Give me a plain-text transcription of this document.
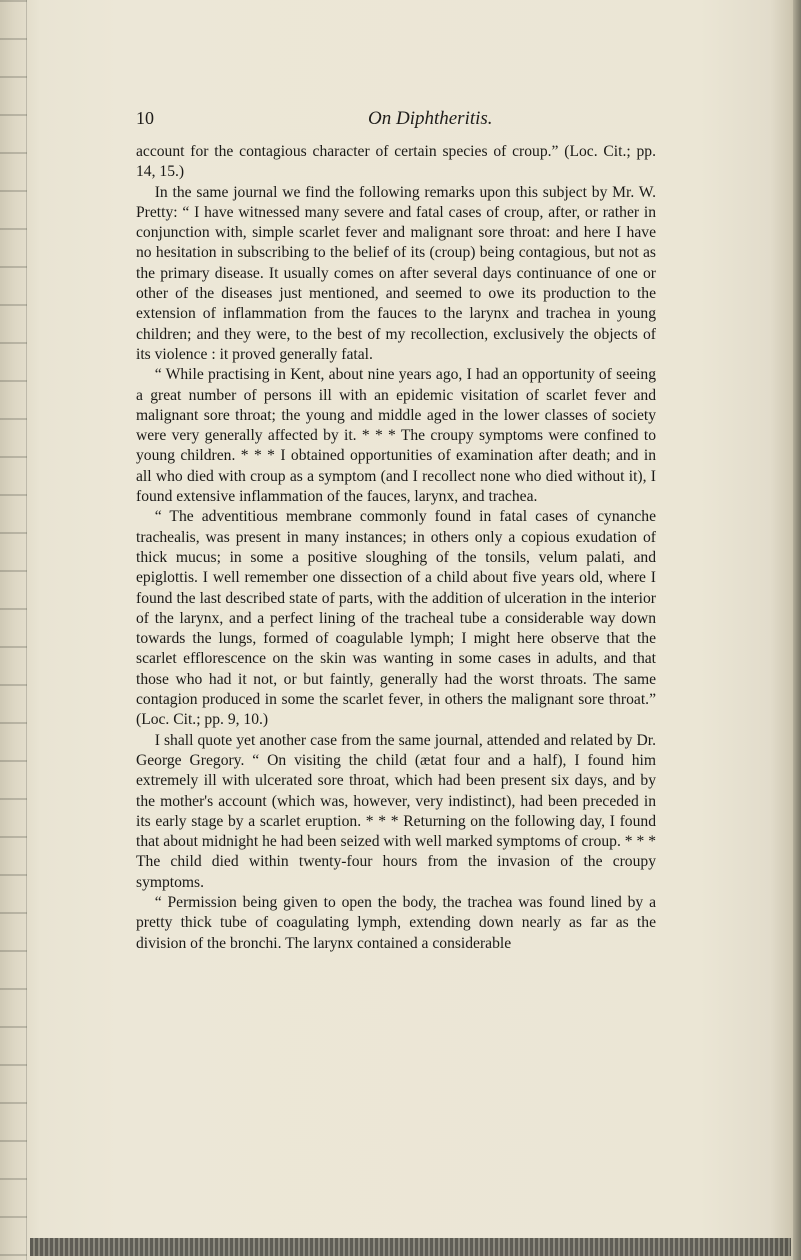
10	On Diphtheritis.

account for the contagious character of certain species of croup.” (Loc. Cit.; pp. 14, 15.)

In the same journal we find the following remarks upon this subject by Mr. W. Pretty: “ I have witnessed many severe and fatal cases of croup, after, or rather in conjunction with, simple scarlet fever and malignant sore throat: and here I have no hesitation in subscribing to the belief of its (croup) being contagious, but not as the primary disease. It usually comes on after several days continuance of one or other of the diseases just mentioned, and seemed to owe its production to the extension of inflammation from the fauces to the larynx and trachea in young children; and they were, to the best of my recollection, exclusively the objects of its violence : it proved generally fatal.

“ While practising in Kent, about nine years ago, I had an opportunity of seeing a great number of persons ill with an epidemic visitation of scarlet fever and malignant sore throat; the young and middle aged in the lower classes of society were very generally affected by it. * * * The croupy symptoms were confined to young children. * * * I obtained opportunities of examination after death; and in all who died with croup as a symptom (and I recollect none who died without it), I found extensive inflammation of the fauces, larynx, and trachea.

“ The adventitious membrane commonly found in fatal cases of cynanche trachealis, was present in many instances; in others only a copious exudation of thick mucus; in some a positive sloughing of the tonsils, velum palati, and epiglottis. I well remember one dissection of a child about five years old, where I found the last described state of parts, with the addition of ulceration in the interior of the larynx, and a perfect lining of the tracheal tube a considerable way down towards the lungs, formed of coagulable lymph; I might here observe that the scarlet efflorescence on the skin was wanting in some cases in adults, and that those who had it not, or but faintly, generally had the worst throats. The same contagion produced in some the scarlet fever, in others the malignant sore throat.” (Loc. Cit.; pp. 9, 10.)

I shall quote yet another case from the same journal, attended and related by Dr. George Gregory. “ On visiting the child (ætat four and a half), I found him extremely ill with ulcerated sore throat, which had been present six days, and by the mother's account (which was, however, very indistinct), had been preceded in its early stage by a scarlet eruption. * * * Returning on the following day, I found that about midnight he had been seized with well marked symptoms of croup. * * * The child died within twenty-four hours from the invasion of the croupy symptoms.

“ Permission being given to open the body, the trachea was found lined by a pretty thick tube of coagulating lymph, extending down nearly as far as the division of the bronchi. The larynx contained a considerable
